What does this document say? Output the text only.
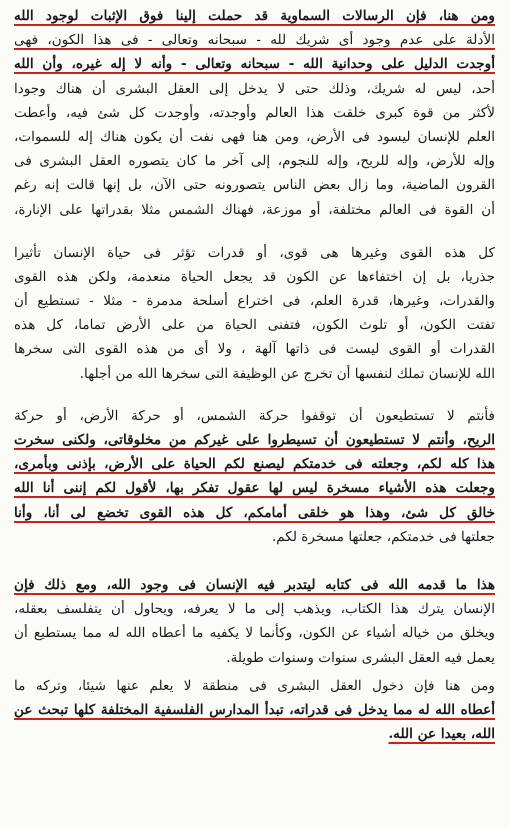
ومن هنا، فإن الرسالات السماوية قد حملت إلينا فوق الإثبات لوجود الله
الأدلة على عدم وجود أى شريك لله - سبحانه وتعالى - فى هذا الكون، فهى
أوجدت الدليل على وحدانية الله - سبحانه وتعالى - وأنه لا إله غيره، وأن الله
أحد، ليس له شريك، وذلك حتى لا يدخل إلى العقل البشرى أن هناك وجودا
لأكثر من قوة كبرى خلقت هذا العالم وأوجدته، وأوجدت كل شئ فيه، وأعطت
العلم للإنسان ليسود فى الأرض، ومن هنا فهى نفت أن يكون هناك إله للسموات،
وإله للأرض، وإله للريح، وإله للنجوم، إلى آخر ما كان يتصوره العقل البشرى فى
القرون الماضية، وما زال بعض الناس يتصورونه حتى الآن، بل إنها قالت إنه رغم
أن القوة فى العالم مختلفة، أو موزعة، فهناك الشمس مثلا بقدراتها على الإنارة،
كل هذه القوى وغيرها هى قوى، أو قدرات تؤثر فى حياة الإنسان تأثيرا
جذريا، بل إن اختفاءها عن الكون قد يجعل الحياة منعدمة، ولكن هذه القوى
والقدرات، وغيرها، قدرة العلم، فى اختراع أسلحة مدمرة - مثلا - تستطيع أن
تفتت الكون، أو تلوث الكون، فتفنى الحياة من على الأرض تماما، كل هذه
القدرات أو القوى ليست فى ذاتها آلهة ، ولا أى من هذه القوى التى سخرها
الله للإنسان تملك لنفسها أن تخرج عن الوظيفة التى سخرها الله من أجلها.
فأنتم لا تستطيعون أن توقفوا حركة الشمس، أو حركة الأرض، أو حركة
الريح، وأنتم لا تستطيعون أن تسيطروا على غيركم من مخلوقاتى، ولكنى سخرت
هذا كله لكم، وجعلته فى خدمتكم ليصنع لكم الحياة على الأرض، بإذنى وبأمرى،
وجعلت هذه الأشياء مسخرة ليس لها عقول تفكر بها، لأقول لكم إننى أنا الله
خالق كل شئ، وهذا هو خلقى أمامكم، كل هذه القوى تخضع لى أنا، وأنا
جعلتها فى خدمتكم، جعلتها مسخرة لكم.
هذا ما قدمه الله فى كتابه ليتدبر فيه الإنسان فى وجود الله، ومع ذلك فإن
الإنسان يترك هذا الكتاب، ويذهب إلى ما لا يعرفه، ويحاول أن يتفلسف بعقله،
ويخلق من خياله أشياء عن الكون، وكأنما لا يكفيه ما أعطاه الله له مما يستطيع أن
يعمل فيه العقل البشرى سنوات وسنوات طويلة.
ومن هنا فإن دخول العقل البشرى فى منطقة لا يعلم عنها شيئا، وتركه ما
أعطاه الله له مما يدخل فى قدراته، تبدأ المدارس الفلسفية المختلفة كلها تبحث عن
الله، بعيدا عن الله.
